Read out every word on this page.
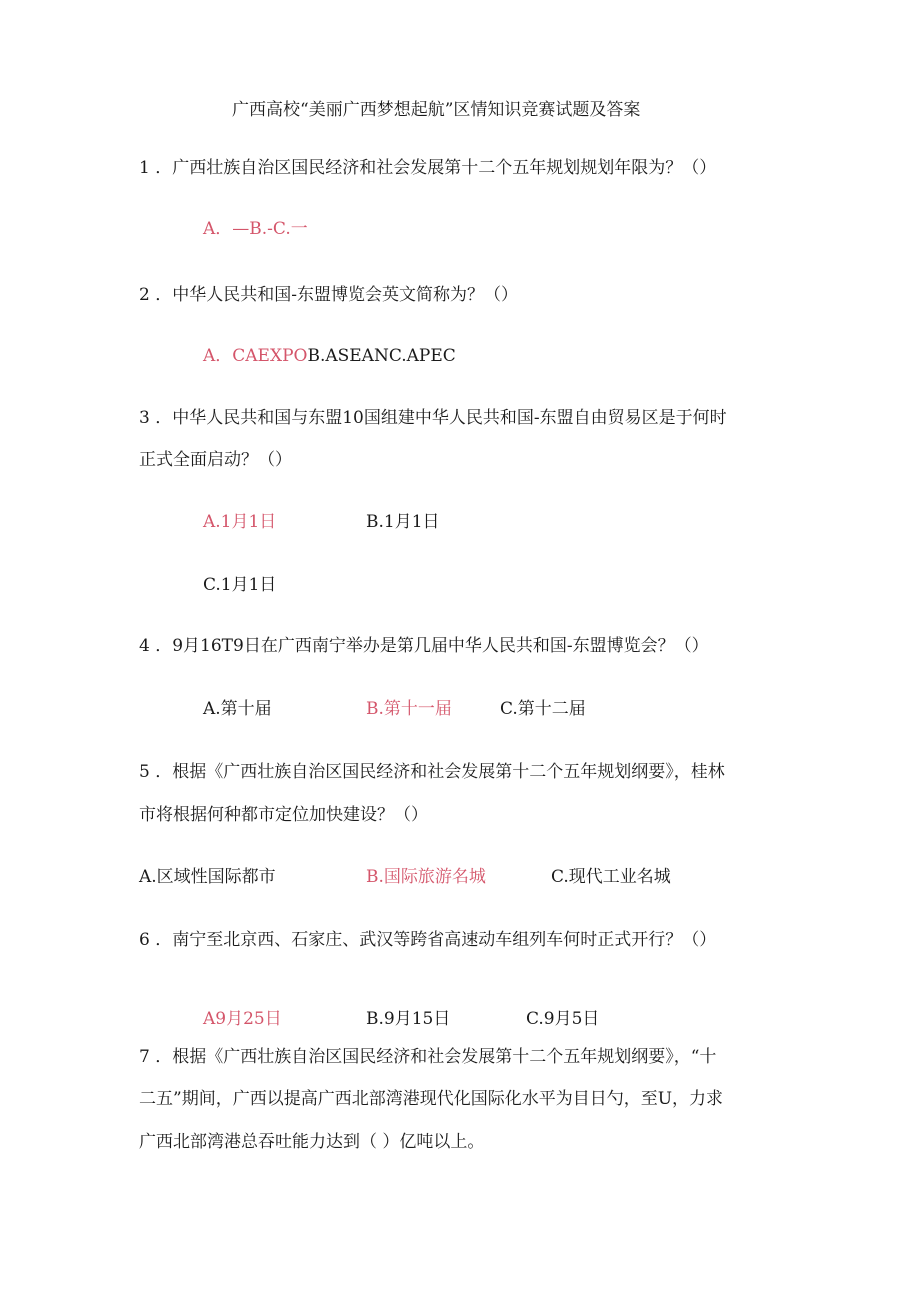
广西高校“美丽广西梦想起航”区情知识竞赛试题及答案
1 ．广西壮族自治区国民经济和社会发展第十二个五年规划规划年限为？（）
A．—B.-C.一
2 ．中华人民共和国-东盟博览会英文简称为？（）
A．CAEXPOB.ASEANC.APEC
3 ．中华人民共和国与东盟10国组建中华人民共和国-东盟自由贸易区是于何时
正式全面启动？（）
A.1月1日	B.1月1日
C.1月1日
4 ．9月16T9日在广西南宁举办是第几届中华人民共和国-东盟博览会？（）
A.第十届	B.第十一届	C.第十二届
5 ．根据《广西壮族自治区国民经济和社会发展第十二个五年规划纲要》，桂林
市将根据何种都市定位加快建设？（）
A.区域性国际都市	B.国际旅游名城	C.现代工业名城
6 ．南宁至北京西、石家庄、武汉等跨省高速动车组列车何时正式开行？（）
A9月25日	B.9月15日	C.9月5日
7 ．根据《广西壮族自治区国民经济和社会发展第十二个五年规划纲要》，“十
二五”期间，广西以提高广西北部湾港现代化国际化水平为目日勺，至U，力求
广西北部湾港总吞吐能力达到（ ）亿吨以上。
